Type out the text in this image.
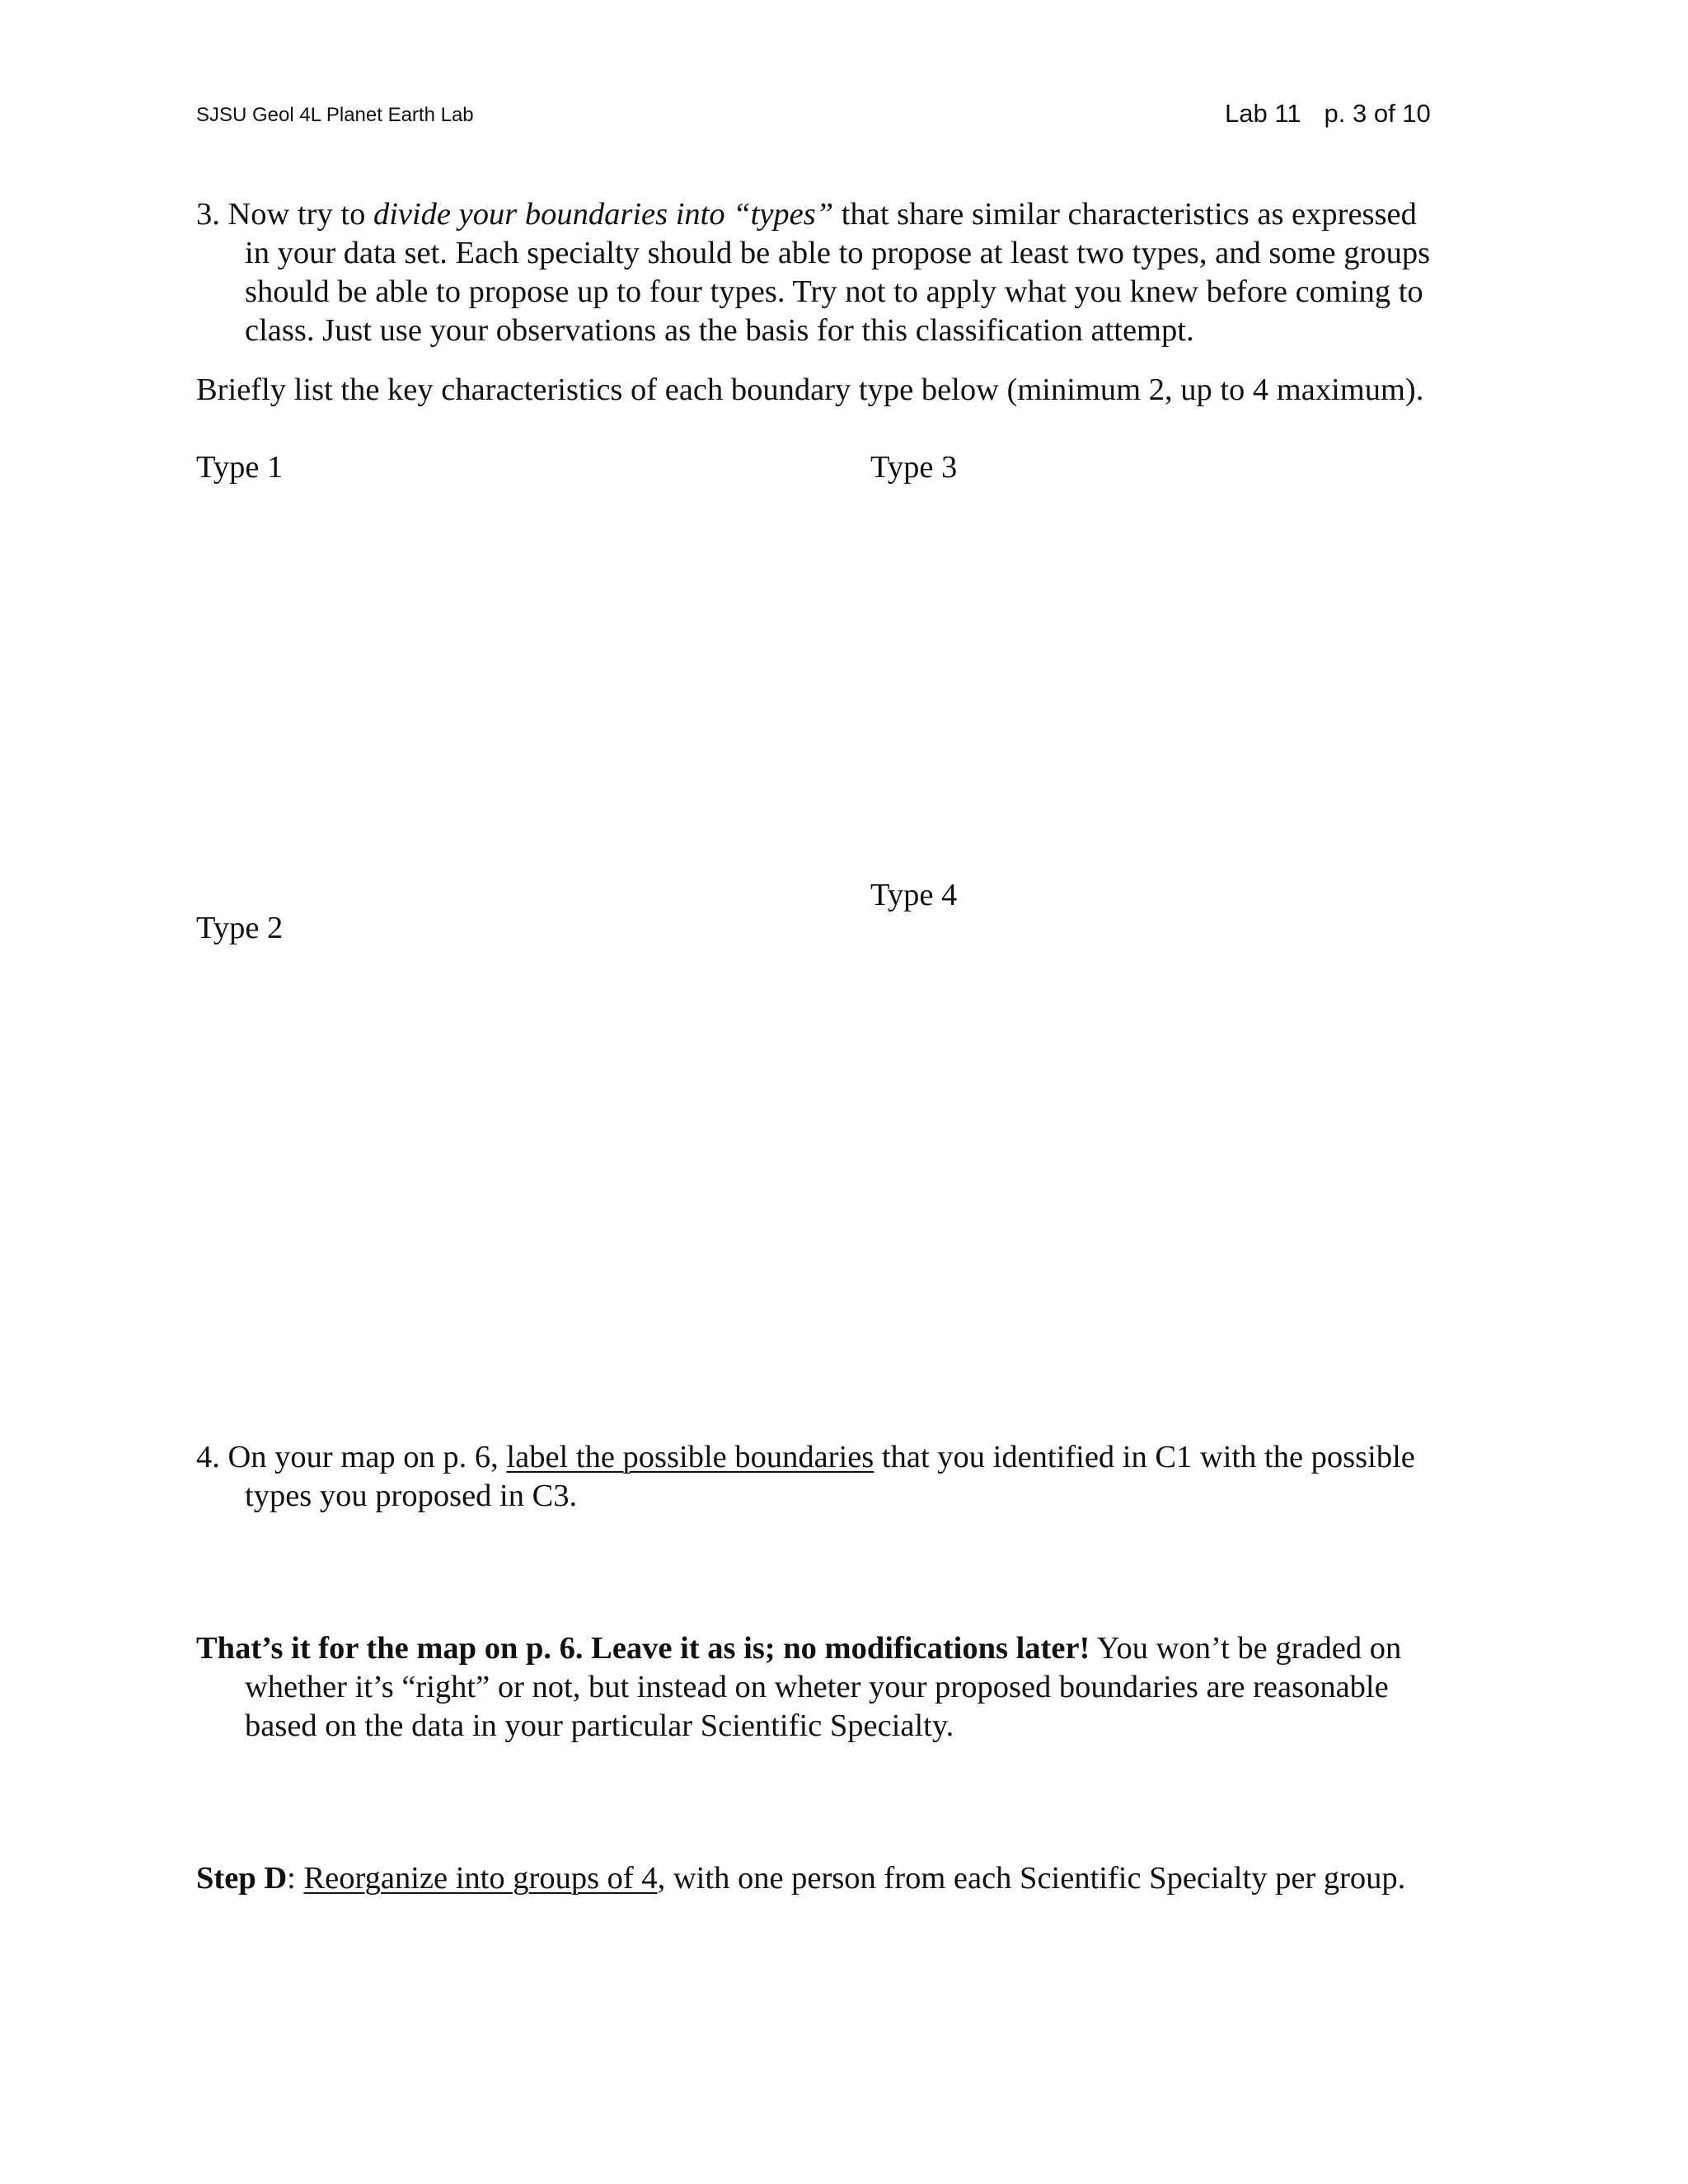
SJSU Geol 4L Planet Earth Lab	Lab 11 p. 3 of 10
3. Now try to divide your boundaries into “types” that share similar characteristics as expressed
in your data set. Each specialty should be able to propose at least two types, and some groups
should be able to propose up to four types. Try not to apply what you knew before coming to
class. Just use your observations as the basis for this classification attempt.
Briefly list the key characteristics of each boundary type below (minimum 2, up to 4 maximum).
Type 1	Type 3
Type 4
Type 2
4. On your map on p. 6, label the possible boundaries that you identified in C1 with the possible
types you proposed in C3.
That’s it for the map on p. 6. Leave it as is; no modifications later! You won’t be graded on
whether it’s “right” or not, but instead on wheter your proposed boundaries are reasonable
based on the data in your particular Scientific Specialty.
Step D: Reorganize into groups of 4, with one person from each Scientific Specialty per group.
